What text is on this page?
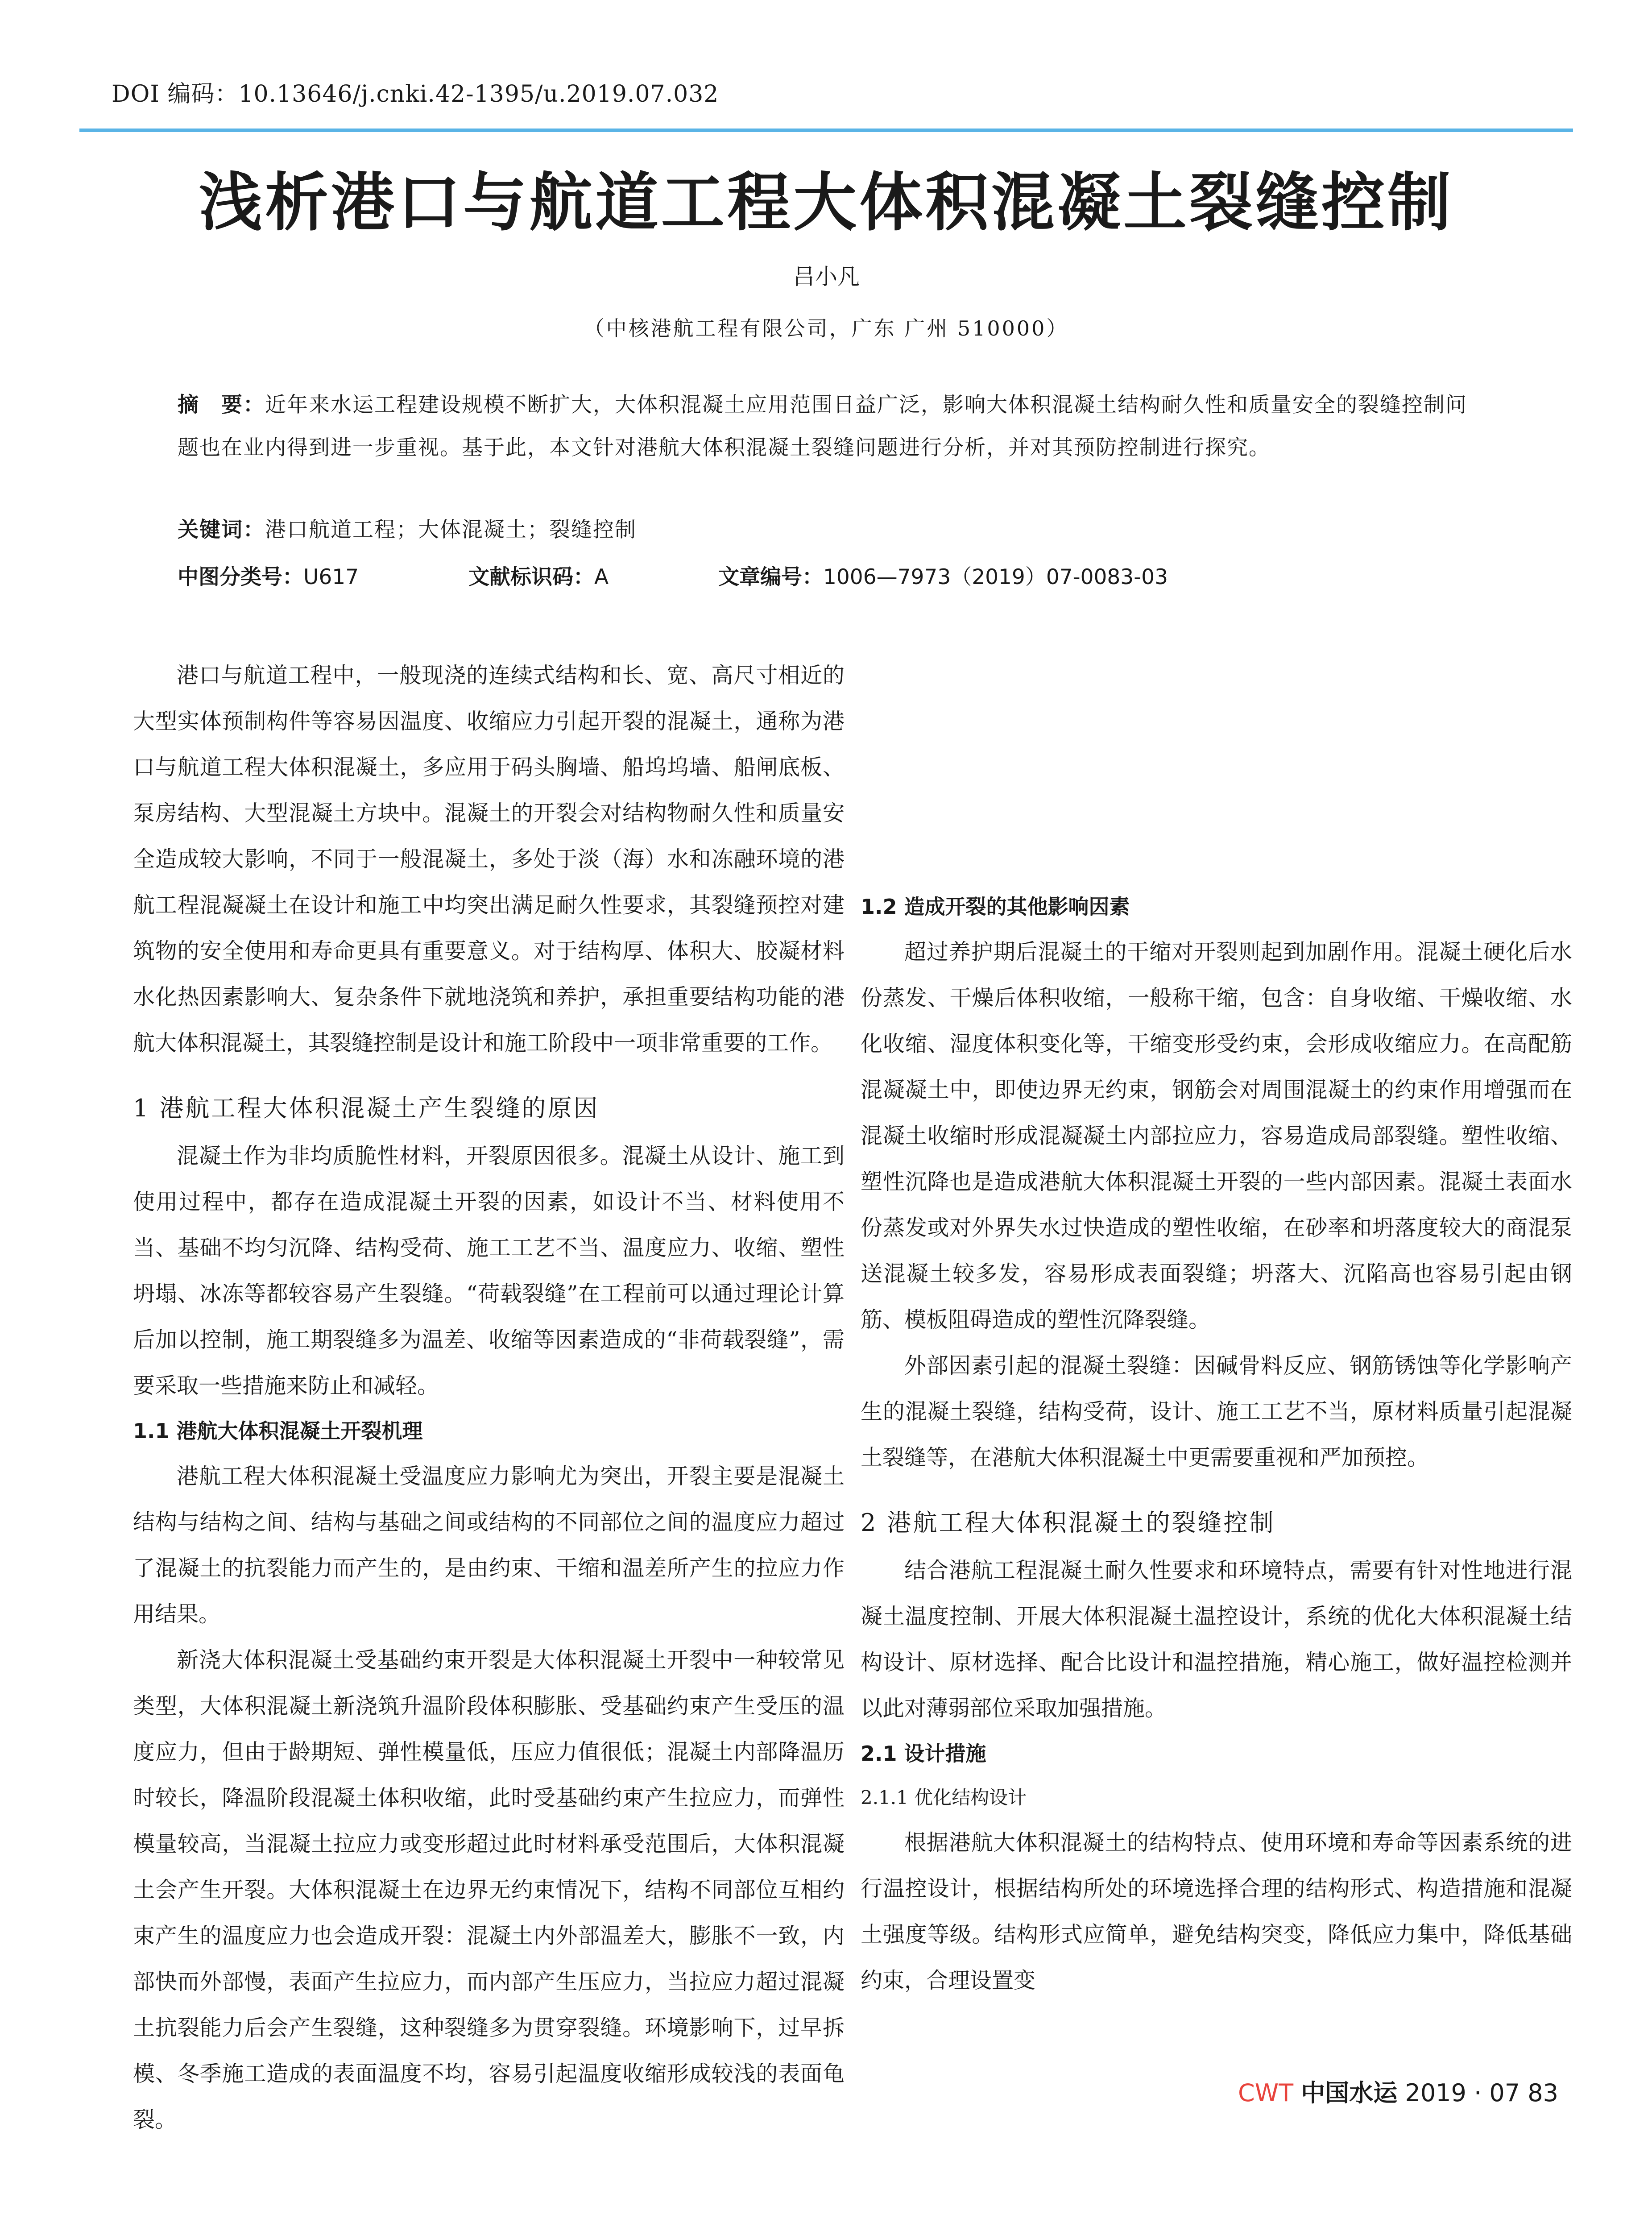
DOI 编码：10.13646/j.cnki.42-1395/u.2019.07.032
浅析港口与航道工程大体积混凝土裂缝控制
吕小凡
（中核港航工程有限公司，广东 广州 510000）
摘　要：近年来水运工程建设规模不断扩大，大体积混凝土应用范围日益广泛，影响大体积混凝土结构耐久性和质量安全的裂缝控制问题也在业内得到进一步重视。基于此，本文针对港航大体积混凝土裂缝问题进行分析，并对其预防控制进行探究。
关键词：港口航道工程；大体混凝土；裂缝控制
中图分类号：U617	文献标识码：A	文章编号：1006—7973（2019）07-0083-03

港口与航道工程中，一般现浇的连续式结构和长、宽、高尺寸相近的大型实体预制构件等容易因温度、收缩应力引起开裂的混凝土，通称为港口与航道工程大体积混凝土，多应用于码头胸墙、船坞坞墙、船闸底板、泵房结构、大型混凝土方块中。混凝土的开裂会对结构物耐久性和质量安全造成较大影响，不同于一般混凝土，多处于淡（海）水和冻融环境的港航工程混凝凝土在设计和施工中均突出满足耐久性要求，其裂缝预控对建筑物的安全使用和寿命更具有重要意义。对于结构厚、体积大、胶凝材料水化热因素影响大、复杂条件下就地浇筑和养护，承担重要结构功能的港航大体积混凝土，其裂缝控制是设计和施工阶段中一项非常重要的工作。

1 港航工程大体积混凝土产生裂缝的原因

混凝土作为非均质脆性材料，开裂原因很多。混凝土从设计、施工到使用过程中，都存在造成混凝土开裂的因素，如设计不当、材料使用不当、基础不均匀沉降、结构受荷、施工工艺不当、温度应力、收缩、塑性坍塌、冰冻等都较容易产生裂缝。“荷载裂缝”在工程前可以通过理论计算后加以控制，施工期裂缝多为温差、收缩等因素造成的“非荷载裂缝”，需要采取一些措施来防止和减轻。

1.1 港航大体积混凝土开裂机理

港航工程大体积混凝土受温度应力影响尤为突出，开裂主要是混凝土结构与结构之间、结构与基础之间或结构的不同部位之间的温度应力超过了混凝土的抗裂能力而产生的，是由约束、干缩和温差所产生的拉应力作用结果。

新浇大体积混凝土受基础约束开裂是大体积混凝土开裂中一种较常见类型，大体积混凝土新浇筑升温阶段体积膨胀、受基础约束产生受压的温度应力，但由于龄期短、弹性模量低，压应力值很低；混凝土内部降温历时较长，降温阶段混凝土体积收缩，此时受基础约束产生拉应力，而弹性模量较高，当混凝土拉应力或变形超过此时材料承受范围后，大体积混凝土会产生开裂。大体积混凝土在边界无约束情况下，结构不同部位互相约束产生的温度应力也会造成开裂：混凝土内外部温差大，膨胀不一致，内部快而外部慢，表面产生拉应力，而内部产生压应力，当拉应力超过混凝土抗裂能力后会产生裂缝，这种裂缝多为贯穿裂缝。环境影响下，过早拆模、冬季施工造成的表面温度不均，容易引起温度收缩形成较浅的表面龟裂。

1.2 造成开裂的其他影响因素

超过养护期后混凝土的干缩对开裂则起到加剧作用。混凝土硬化后水份蒸发、干燥后体积收缩，一般称干缩，包含：自身收缩、干燥收缩、水化收缩、湿度体积变化等，干缩变形受约束，会形成收缩应力。在高配筋混凝凝土中，即使边界无约束，钢筋会对周围混凝土的约束作用增强而在混凝土收缩时形成混凝凝土内部拉应力，容易造成局部裂缝。塑性收缩、塑性沉降也是造成港航大体积混凝土开裂的一些内部因素。混凝土表面水份蒸发或对外界失水过快造成的塑性收缩，在砂率和坍落度较大的商混泵送混凝土较多发，容易形成表面裂缝；坍落大、沉陷高也容易引起由钢筋、模板阻碍造成的塑性沉降裂缝。

外部因素引起的混凝土裂缝：因碱骨料反应、钢筋锈蚀等化学影响产生的混凝土裂缝，结构受荷，设计、施工工艺不当，原材料质量引起混凝土裂缝等，在港航大体积混凝土中更需要重视和严加预控。

2 港航工程大体积混凝土的裂缝控制

结合港航工程混凝土耐久性要求和环境特点，需要有针对性地进行混凝土温度控制、开展大体积混凝土温控设计，系统的优化大体积混凝土结构设计、原材选择、配合比设计和温控措施，精心施工，做好温控检测并以此对薄弱部位采取加强措施。

2.1 设计措施

2.1.1 优化结构设计

根据港航大体积混凝土的结构特点、使用环境和寿命等因素系统的进行温控设计，根据结构所处的环境选择合理的结构形式、构造措施和混凝土强度等级。结构形式应简单，避免结构突变，降低应力集中，降低基础约束，合理设置变

CWT 中国水运 2019 · 07 83
